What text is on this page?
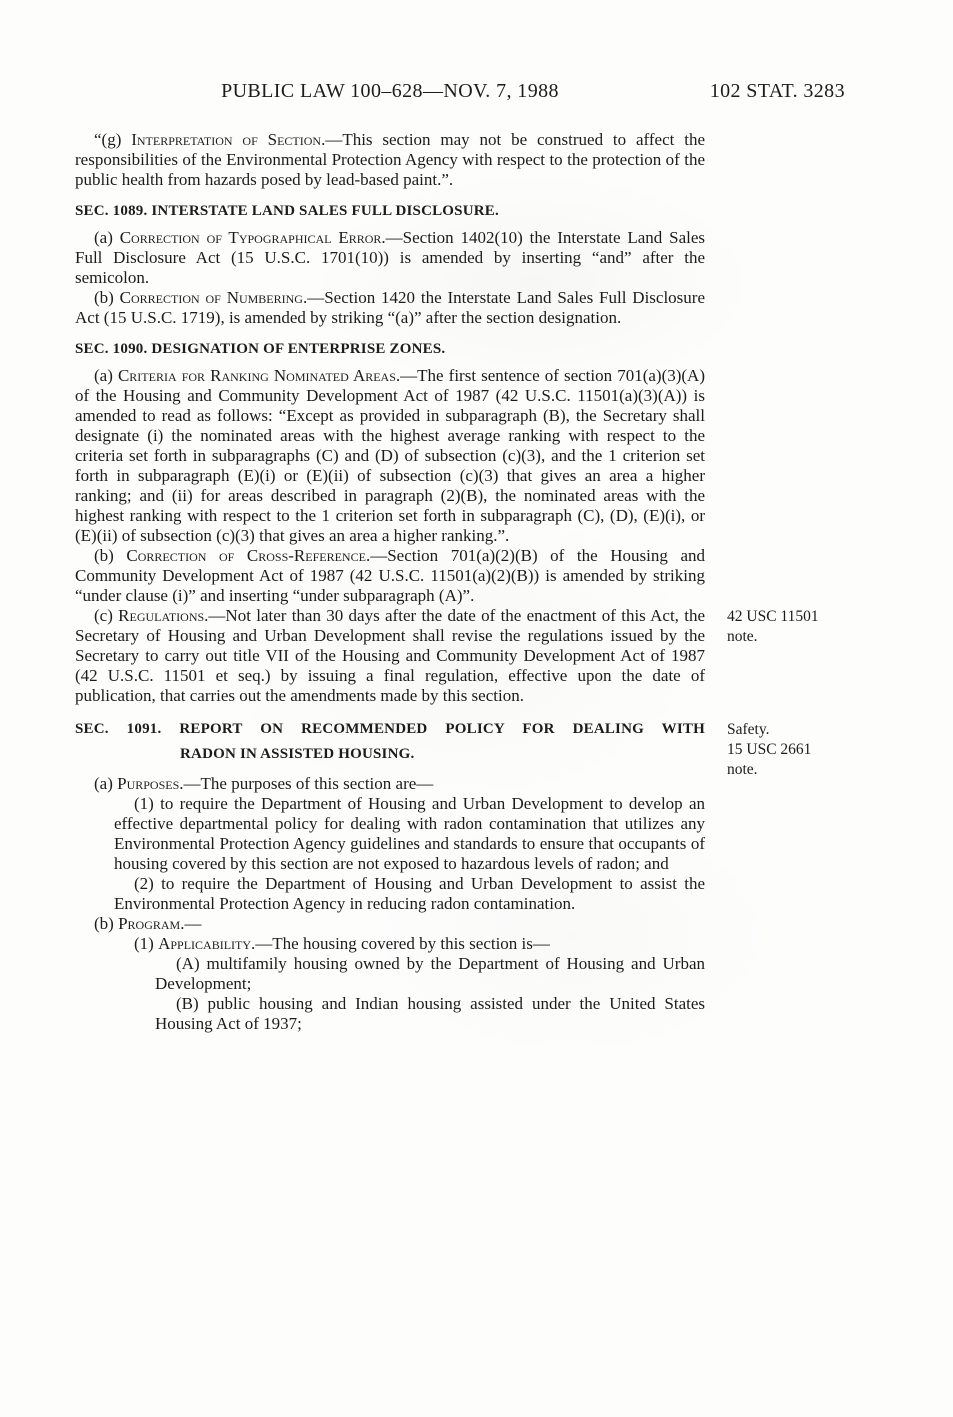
PUBLIC LAW 100–628—NOV. 7, 1988	102 STAT. 3283

“(g) Interpretation of Section.—This section may not be construed to affect the responsibilities of the Environmental Protection Agency with respect to the protection of the public health from hazards posed by lead-based paint.”.

SEC. 1089. INTERSTATE LAND SALES FULL DISCLOSURE.

(a) Correction of Typographical Error.—Section 1402(10) the Interstate Land Sales Full Disclosure Act (15 U.S.C. 1701(10)) is amended by inserting “and” after the semicolon.

(b) Correction of Numbering.—Section 1420 the Interstate Land Sales Full Disclosure Act (15 U.S.C. 1719), is amended by striking “(a)” after the section designation.

SEC. 1090. DESIGNATION OF ENTERPRISE ZONES.

(a) Criteria for Ranking Nominated Areas.—The first sentence of section 701(a)(3)(A) of the Housing and Community Development Act of 1987 (42 U.S.C. 11501(a)(3)(A)) is amended to read as follows: “Except as provided in subparagraph (B), the Secretary shall designate (i) the nominated areas with the highest average ranking with respect to the criteria set forth in subparagraphs (C) and (D) of subsection (c)(3), and the 1 criterion set forth in subparagraph (E)(i) or (E)(ii) of subsection (c)(3) that gives an area a higher ranking; and (ii) for areas described in paragraph (2)(B), the nominated areas with the highest ranking with respect to the 1 criterion set forth in subparagraph (C), (D), (E)(i), or (E)(ii) of subsection (c)(3) that gives an area a higher ranking.”.

(b) Correction of Cross-Reference.—Section 701(a)(2)(B) of the Housing and Community Development Act of 1987 (42 U.S.C. 11501(a)(2)(B)) is amended by striking “under clause (i)” and inserting “under subparagraph (A)”.

(c) Regulations.—Not later than 30 days after the date of the enactment of this Act, the Secretary of Housing and Urban Development shall revise the regulations issued by the Secretary to carry out title VII of the Housing and Community Development Act of 1987 (42 U.S.C. 11501 et seq.) by issuing a final regulation, effective upon the date of publication, that carries out the amendments made by this section.

42 USC 11501
note.
SEC. 1091. REPORT ON RECOMMENDED POLICY FOR DEALING WITH
RADON IN ASSISTED HOUSING.
Safety.
15 USC 2661
note.

(a) Purposes.—The purposes of this section are—

(1) to require the Department of Housing and Urban Development to develop an effective departmental policy for dealing with radon contamination that utilizes any Environmental Protection Agency guidelines and standards to ensure that occupants of housing covered by this section are not exposed to hazardous levels of radon; and

(2) to require the Department of Housing and Urban Development to assist the Environmental Protection Agency in reducing radon contamination.

(b) Program.—

(1) Applicability.—The housing covered by this section is—

(A) multifamily housing owned by the Department of Housing and Urban Development;

(B) public housing and Indian housing assisted under the United States Housing Act of 1937;
